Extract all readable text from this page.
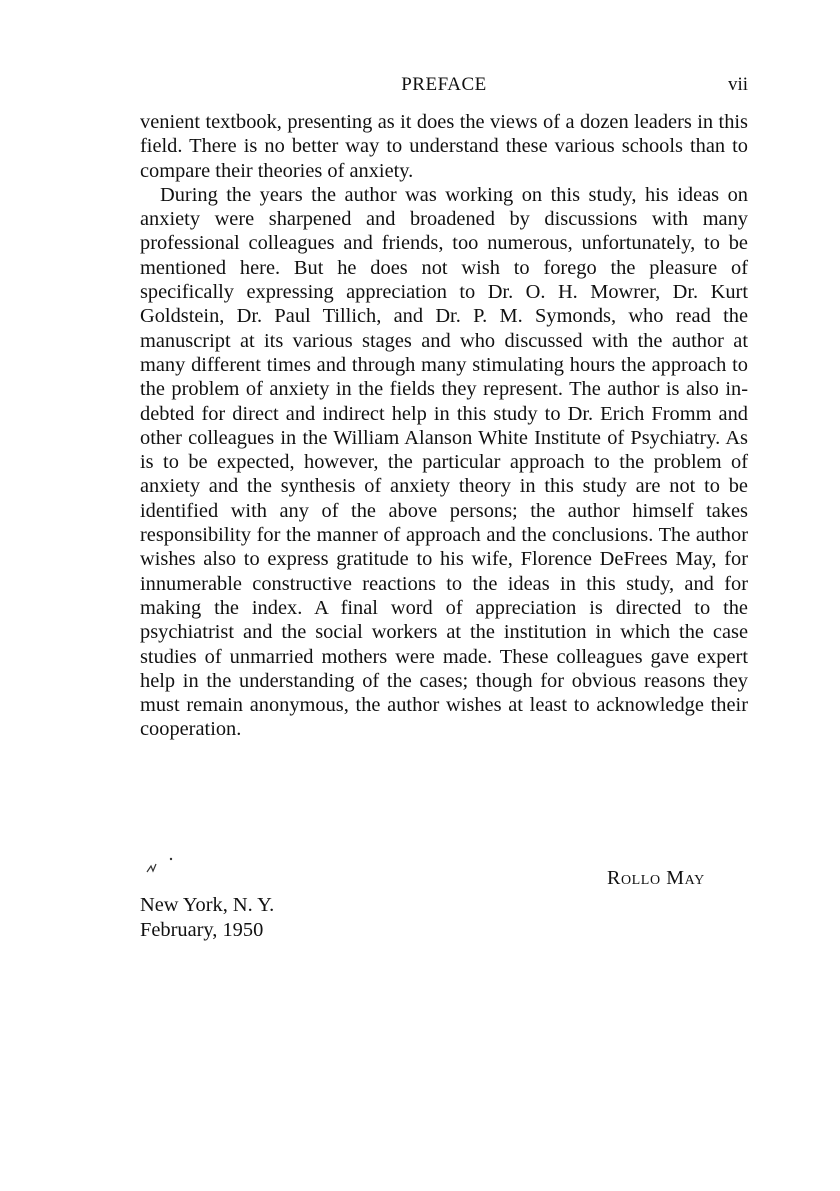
PREFACE	vii

venient textbook, presenting as it does the views of a dozen leaders in this field. There is no better way to understand these various schools than to compare their theories of anxiety.

During the years the author was working on this study, his ideas on anxiety were sharpened and broadened by discussions with many professional colleagues and friends, too numerous, unfortunately, to be mentioned here. But he does not wish to forego the pleasure of specifically expressing appreciation to Dr. O. H. Mowrer, Dr. Kurt Goldstein, Dr. Paul Tillich, and Dr. P. M. Symonds, who read the manuscript at its various stages and who discussed with the author at many different times and through many stimulating hours the approach to the problem of anxiety in the fields they represent. The author is also indebted for direct and indirect help in this study to Dr. Erich Fromm and other colleagues in the William Alanson White Institute of Psychiatry. As is to be expected, however, the particular approach to the problem of anxiety and the synthesis of anxiety theory in this study are not to be identified with any of the above persons; the author himself takes responsibility for the manner of approach and the conclusions. The author wishes also to express gratitude to his wife, Florence DeFrees May, for innumerable constructive reactions to the ideas in this study, and for making the index. A final word of appreciation is directed to the psychiatrist and the social workers at the institution in which the case studies of unmarried mothers were made. These colleagues gave expert help in the understanding of the cases; though for obvious reasons they must remain anonymous, the author wishes at least to acknowledge their cooperation.

Rollo May
New York, N. Y.
February, 1950
